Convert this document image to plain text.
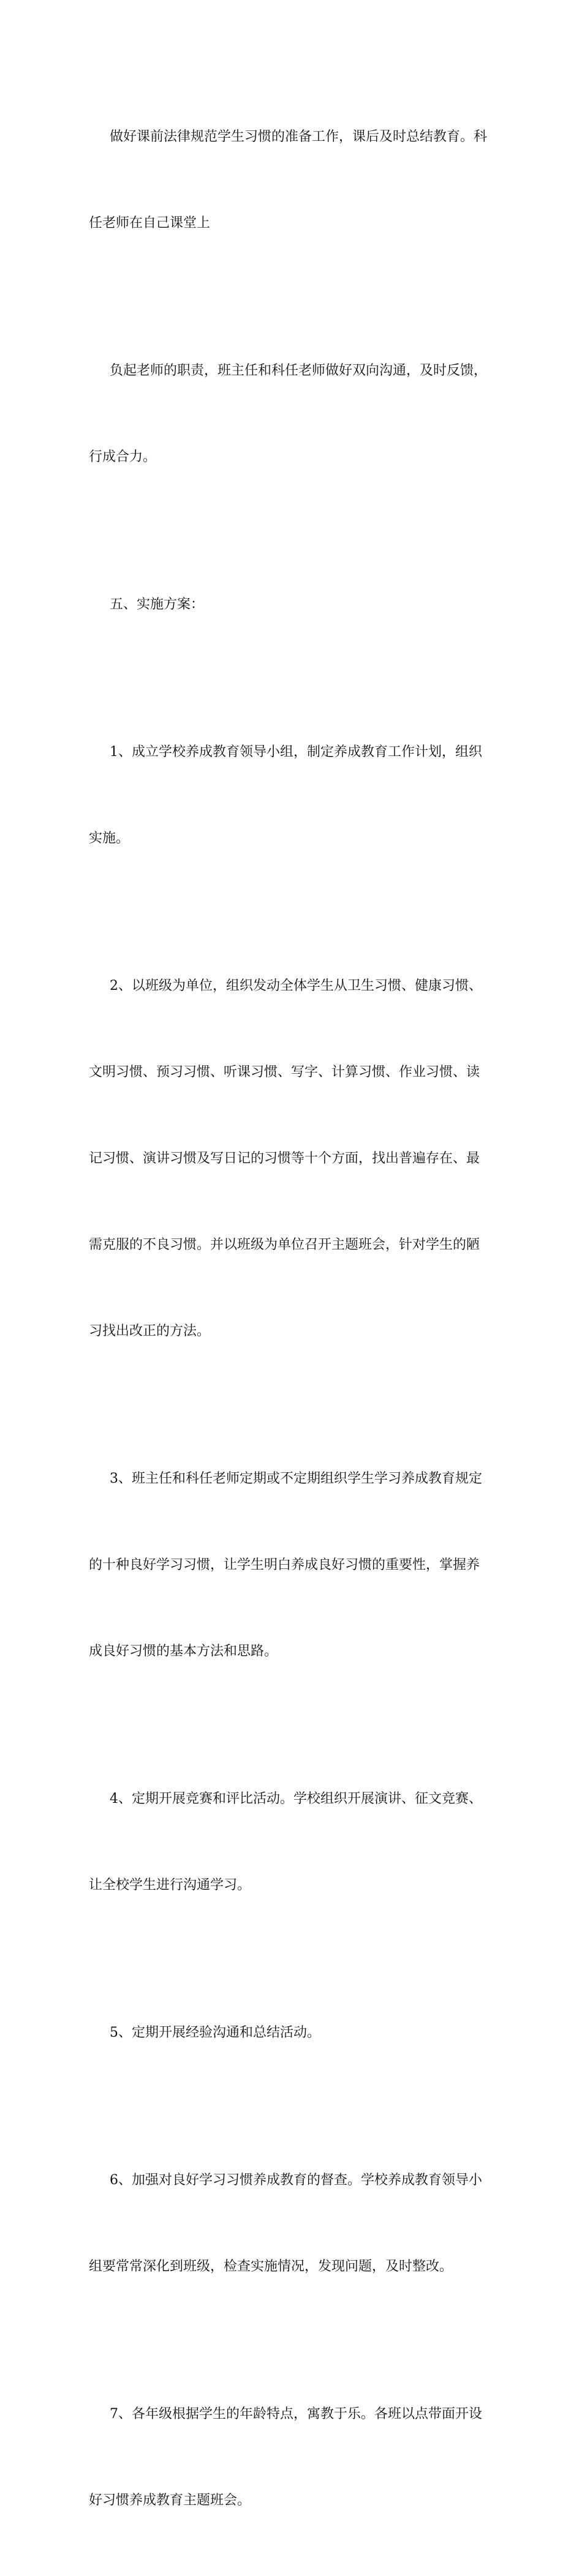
做好课前法律规范学生习惯的准备工作，课后及时总结教育。科

任老师在自己课堂上

负起老师的职责，班主任和科任老师做好双向沟通，及时反馈，

行成合力。

五、实施方案：

1、成立学校养成教育领导小组，制定养成教育工作计划，组织

实施。

2、以班级为单位，组织发动全体学生从卫生习惯、健康习惯、

文明习惯、预习习惯、听课习惯、写字、计算习惯、作业习惯、读

记习惯、演讲习惯及写日记的习惯等十个方面，找出普遍存在、最

需克服的不良习惯。并以班级为单位召开主题班会，针对学生的陋

习找出改正的方法。

3、班主任和科任老师定期或不定期组织学生学习养成教育规定

的十种良好学习习惯，让学生明白养成良好习惯的重要性，掌握养

成良好习惯的基本方法和思路。

4、定期开展竞赛和评比活动。学校组织开展演讲、征文竞赛、

让全校学生进行沟通学习。

5、定期开展经验沟通和总结活动。

6、加强对良好学习习惯养成教育的督查。学校养成教育领导小

组要常常深化到班级，检查实施情况，发现问题，及时整改。

7、各年级根据学生的年龄特点，寓教于乐。各班以点带面开设

好习惯养成教育主题班会。
